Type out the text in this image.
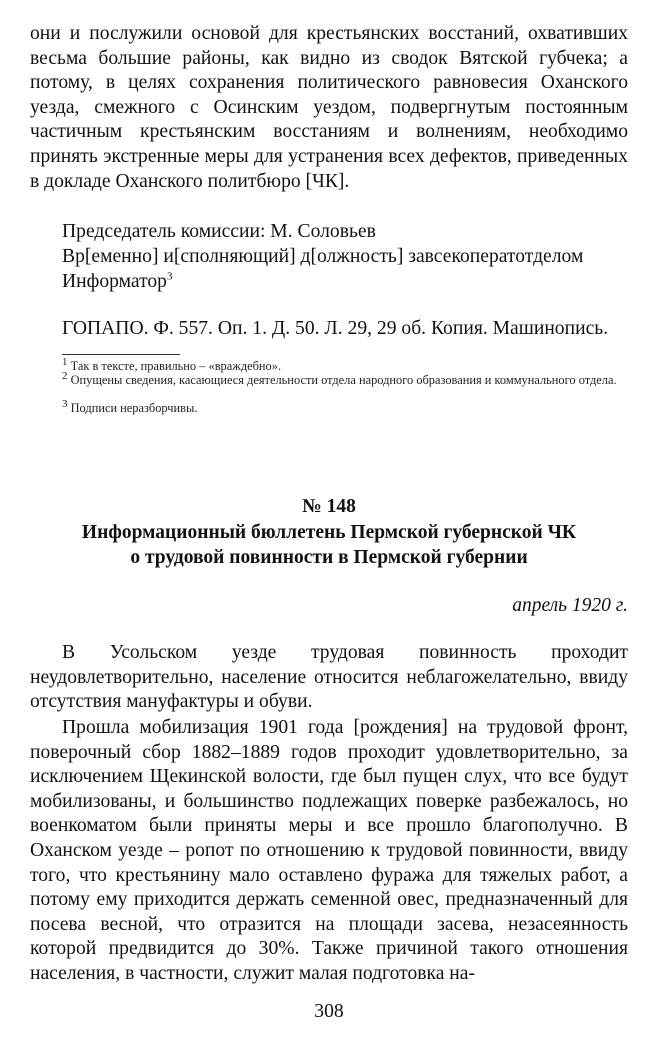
они и послужили основой для крестьянских восстаний, охвативших весьма большие районы, как видно из сводок Вятской губчека; а потому, в целях сохранения политического равновесия Оханского уезда, смежного с Осинским уездом, подвергнутым постоянным частичным крестьянским восстаниям и волнениям, необходимо принять экстренные меры для устранения всех дефектов, приведенных в докладе Оханского политбюро [ЧК].

Председатель комиссии: М. Соловьев

Вр[еменно] и[сполняющий] д[олжность] завсекоператотделом

Информатор$^3$

ГОПАПО. Ф. 557. Оп. 1. Д. 50. Л. 29, 29 об. Копия. Машинопись.

$^1$ Так в тексте, правильно – «враждебно».

$^2$ Опущены сведения, касающиеся деятельности отдела народного образования и коммунального отдела.

$^3$ Подписи неразборчивы.

№ 148

Информационный бюллетень Пермской губернской ЧК
о трудовой повинности в Пермской губернии

апрель 1920 г.

В Усольском уезде трудовая повинность проходит неудовлетворительно, население относится неблагожелательно, ввиду отсутствия мануфактуры и обуви.

Прошла мобилизация 1901 года [рождения] на трудовой фронт, поверочный сбор 1882–1889 годов проходит удовлетворительно, за исключением Щекинской волости, где был пущен слух, что все будут мобилизованы, и большинство подлежащих поверке разбежалось, но военкоматом были приняты меры и все прошло благополучно. В Оханском уезде – ропот по отношению к трудовой повинности, ввиду того, что крестьянину мало оставлено фуража для тяжелых работ, а потому ему приходится держать семенной овес, предназначенный для посева весной, что отразится на площади засева, незасеянность которой предвидится до 30%. Также причиной такого отношения населения, в частности, служит малая подготовка на-

308
